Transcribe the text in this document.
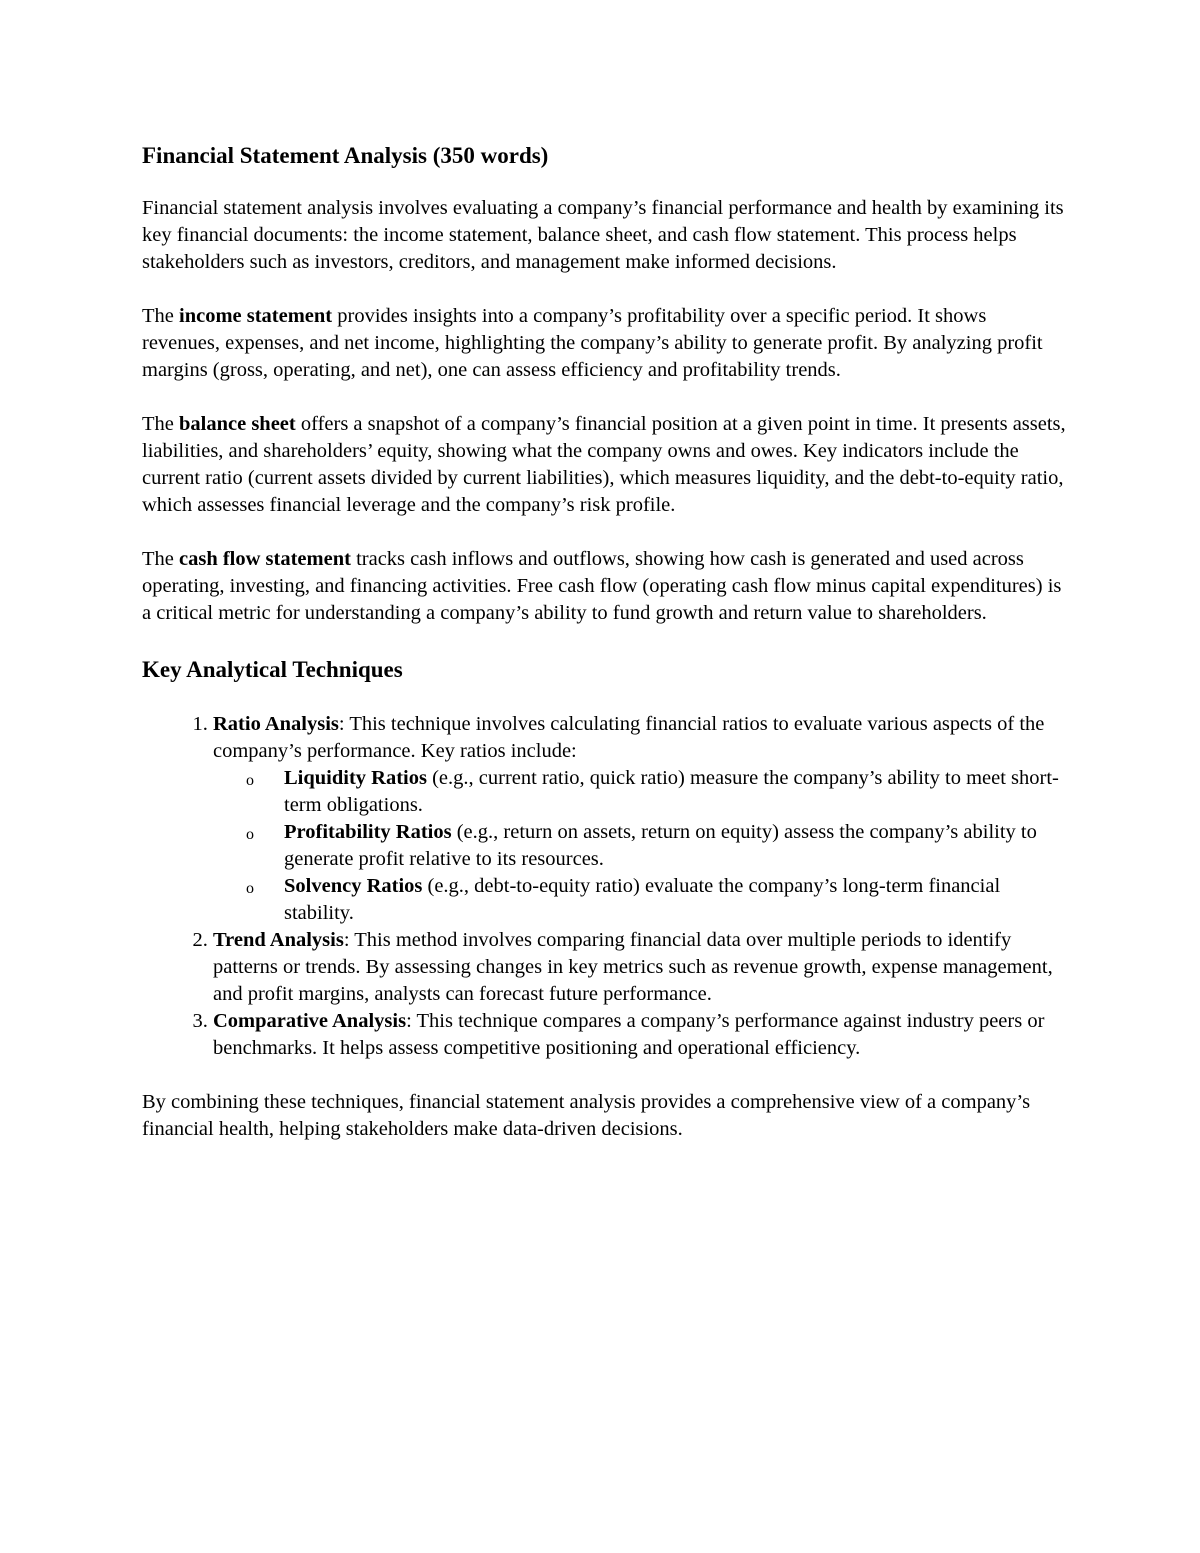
Financial Statement Analysis (350 words)

Financial statement analysis involves evaluating a company’s financial performance and health by examining its key financial documents: the income statement, balance sheet, and cash flow statement. This process helps stakeholders such as investors, creditors, and management make informed decisions.

The income statement provides insights into a company’s profitability over a specific period. It shows revenues, expenses, and net income, highlighting the company’s ability to generate profit. By analyzing profit margins (gross, operating, and net), one can assess efficiency and profitability trends.

The balance sheet offers a snapshot of a company’s financial position at a given point in time. It presents assets, liabilities, and shareholders’ equity, showing what the company owns and owes. Key indicators include the current ratio (current assets divided by current liabilities), which measures liquidity, and the debt-to-equity ratio, which assesses financial leverage and the company’s risk profile.

The cash flow statement tracks cash inflows and outflows, showing how cash is generated and used across operating, investing, and financing activities. Free cash flow (operating cash flow minus capital expenditures) is a critical metric for understanding a company’s ability to fund growth and return value to shareholders.

Key Analytical Techniques
1. Ratio Analysis: This technique involves calculating financial ratios to evaluate various aspects of the company’s performance. Key ratios include:
o Liquidity Ratios (e.g., current ratio, quick ratio) measure the company’s ability to meet short-term obligations.
o Profitability Ratios (e.g., return on assets, return on equity) assess the company’s ability to generate profit relative to its resources.
o Solvency Ratios (e.g., debt-to-equity ratio) evaluate the company’s long-term financial stability.
2. Trend Analysis: This method involves comparing financial data over multiple periods to identify patterns or trends. By assessing changes in key metrics such as revenue growth, expense management, and profit margins, analysts can forecast future performance.
3. Comparative Analysis: This technique compares a company’s performance against industry peers or benchmarks. It helps assess competitive positioning and operational efficiency.

By combining these techniques, financial statement analysis provides a comprehensive view of a company’s financial health, helping stakeholders make data-driven decisions.
